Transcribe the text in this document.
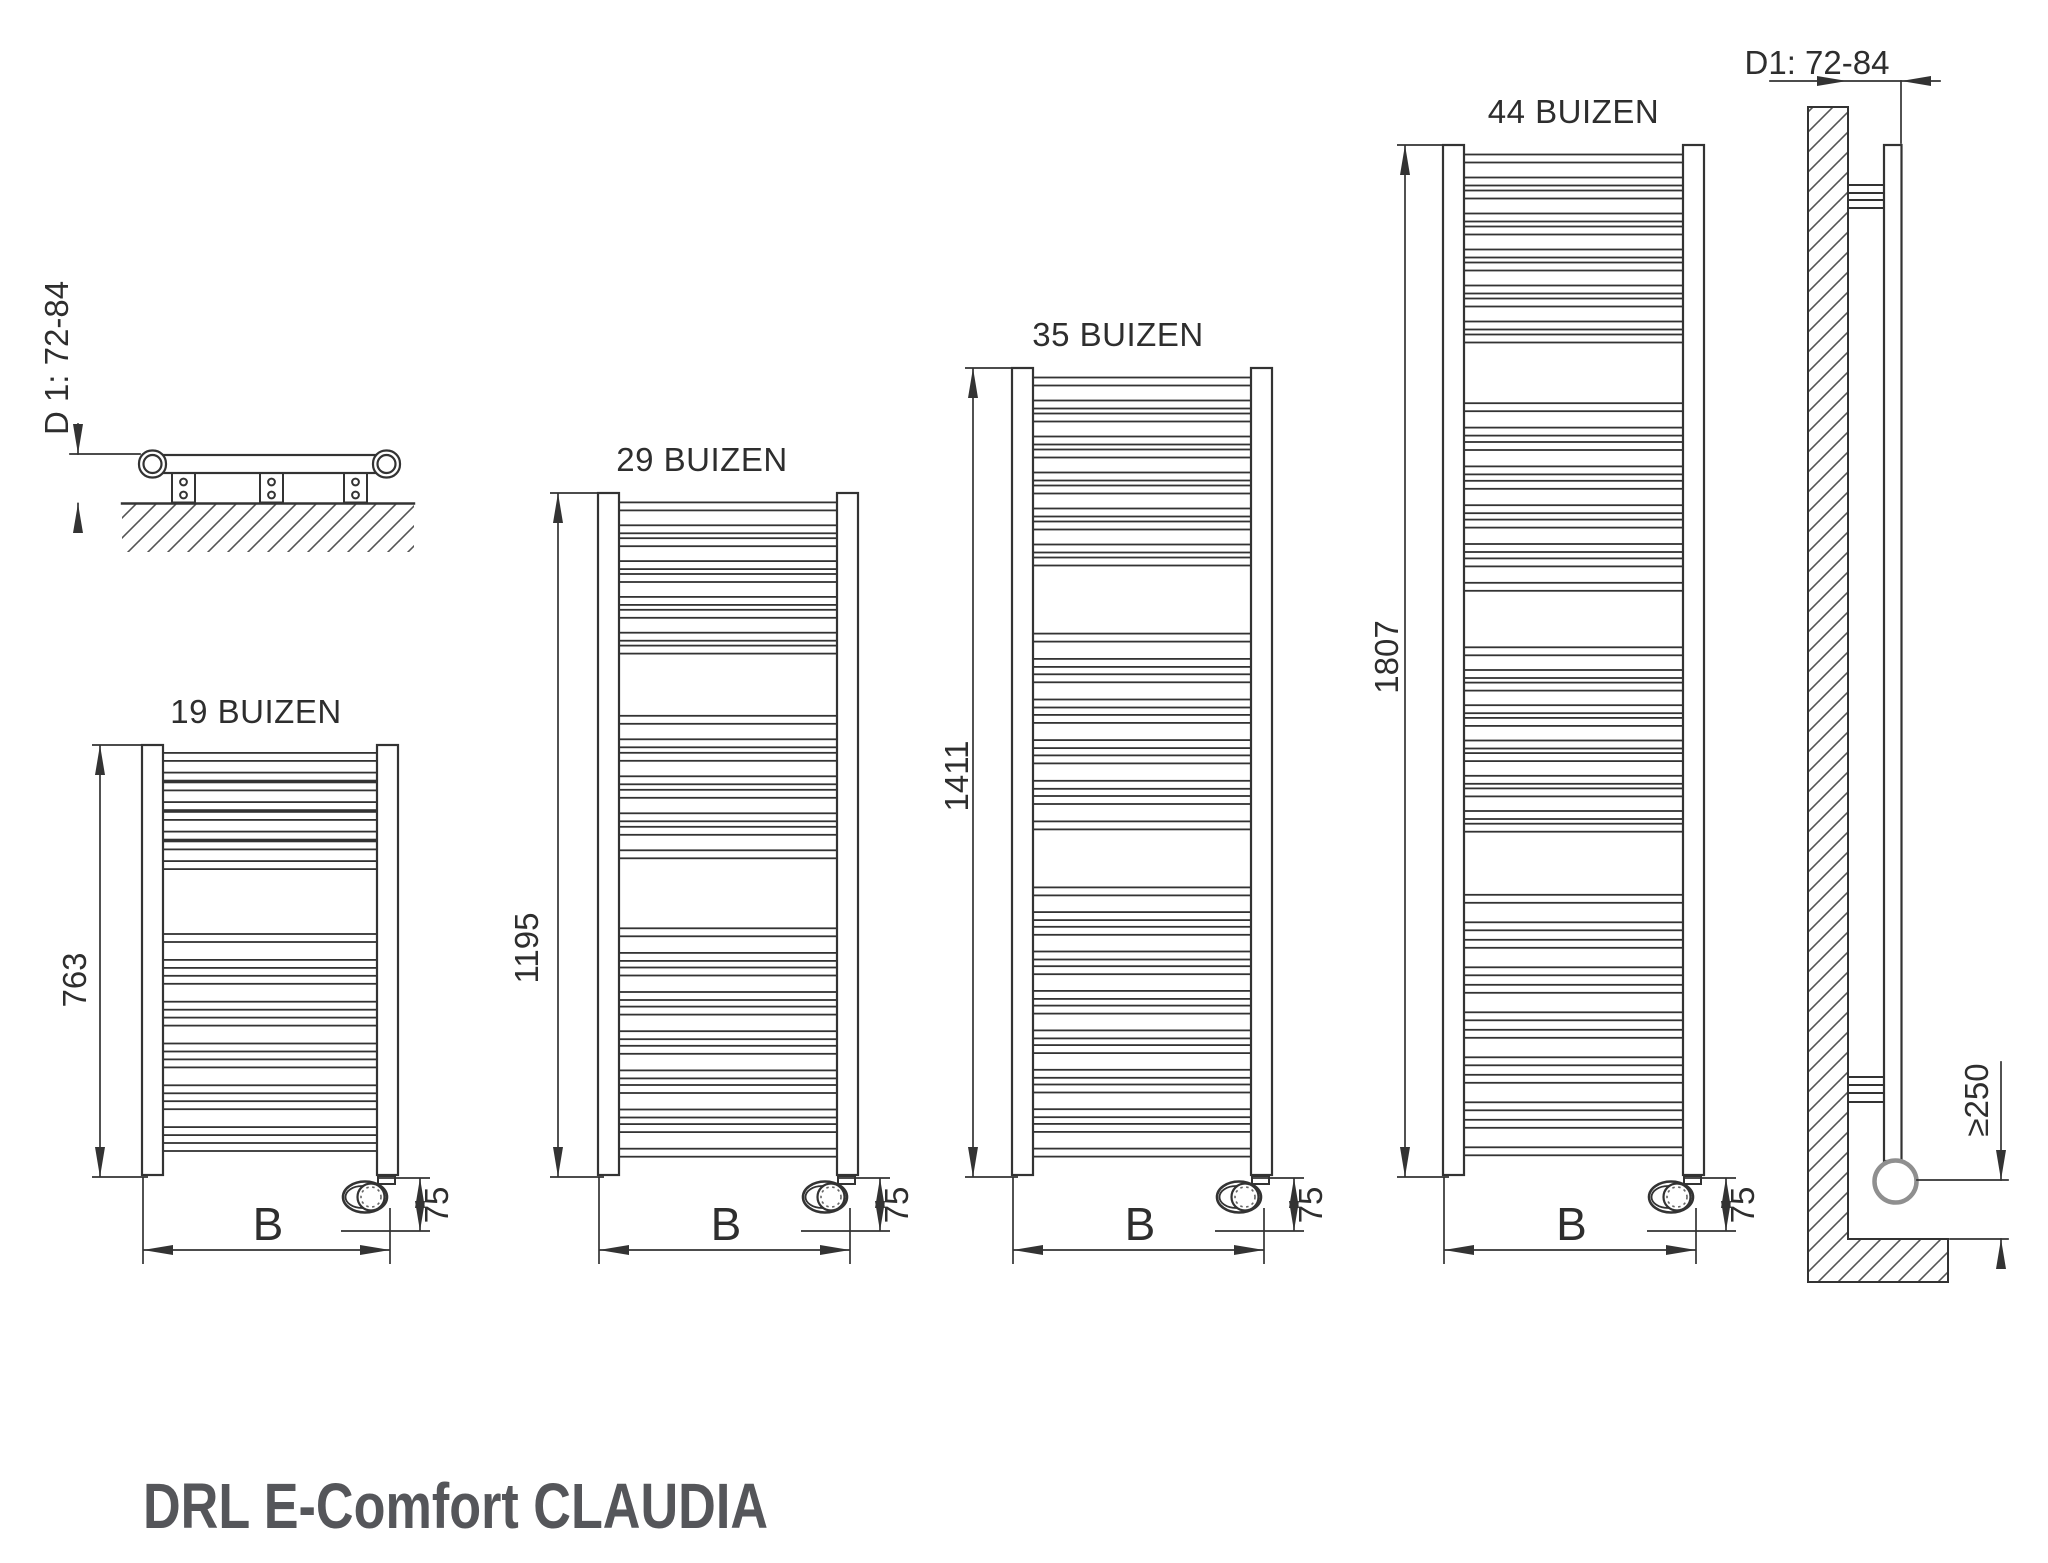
D 1: 72-84
D1: 72-84
≥250
19 BUIZEN
763
B	75
29 BUIZEN
1195
B	75
35 BUIZEN
1411
B	75
44 BUIZEN
1807
B	75
DRL E-Comfort CLAUDIA
